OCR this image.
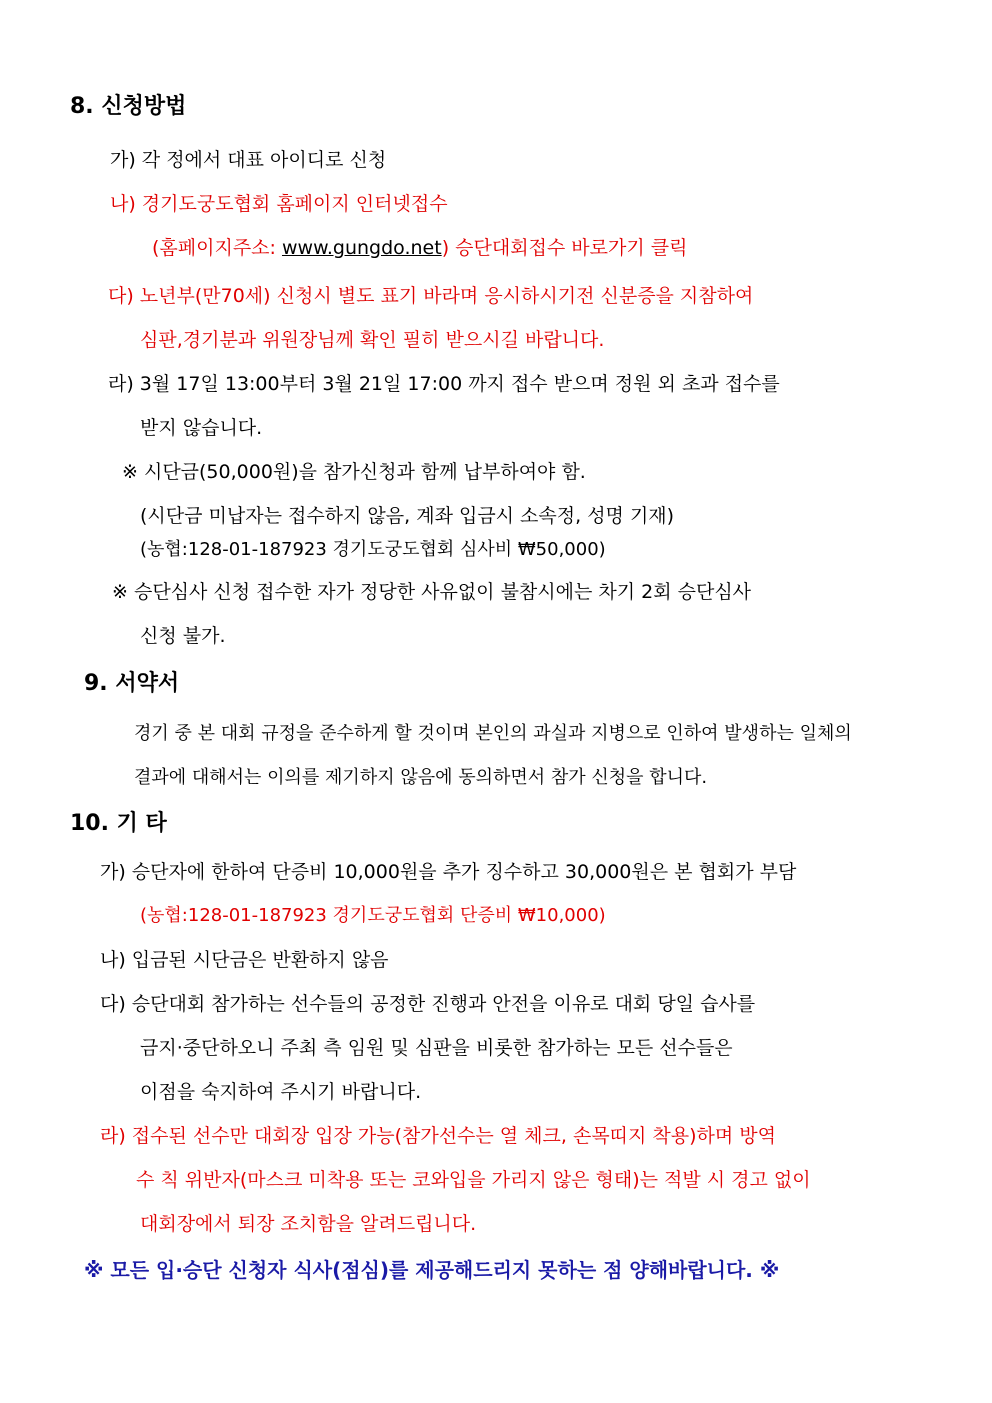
8. 신청방법
가) 각 정에서 대표 아이디로 신청
나) 경기도궁도협회 홈페이지 인터넷접수
(홈페이지주소: www.gungdo.net) 승단대회접수 바로가기 클릭
다) 노년부(만70세) 신청시 별도 표기 바라며 응시하시기전 신분증을 지참하여
심판,경기분과 위원장님께 확인 필히 받으시길 바랍니다.
라) 3월 17일 13:00부터 3월 21일 17:00 까지 접수 받으며 정원 외 초과 접수를
받지 않습니다.
※ 시단금(50,000원)을 참가신청과 함께 납부하여야 함.
(시단금 미납자는 접수하지 않음, 계좌 입금시 소속정, 성명 기재)
(농협:128-01-187923 경기도궁도협회 심사비 ₩50,000)
※ 승단심사 신청 접수한 자가 정당한 사유없이 불참시에는 차기 2회 승단심사
신청 불가.
9. 서약서
경기 중 본 대회 규정을 준수하게 할 것이며 본인의 과실과 지병으로 인하여 발생하는 일체의
결과에 대해서는 이의를 제기하지 않음에 동의하면서 참가 신청을 합니다.
10. 기 타
가) 승단자에 한하여 단증비 10,000원을 추가 징수하고 30,000원은 본 협회가 부담
(농협:128-01-187923 경기도궁도협회 단증비 ₩10,000)
나) 입금된 시단금은 반환하지 않음
다) 승단대회 참가하는 선수들의 공정한 진행과 안전을 이유로 대회 당일 습사를
금지·중단하오니 주최 측 임원 및 심판을 비롯한 참가하는 모든 선수들은
이점을 숙지하여 주시기 바랍니다.
라) 접수된 선수만 대회장 입장 가능(참가선수는 열 체크, 손목띠지 착용)하며 방역
수 칙 위반자(마스크 미착용 또는 코와입을 가리지 않은 형태)는 적발 시 경고 없이
대회장에서 퇴장 조치함을 알려드립니다.
※ 모든 입·승단 신청자 식사(점심)를 제공해드리지 못하는 점 양해바랍니다. ※
